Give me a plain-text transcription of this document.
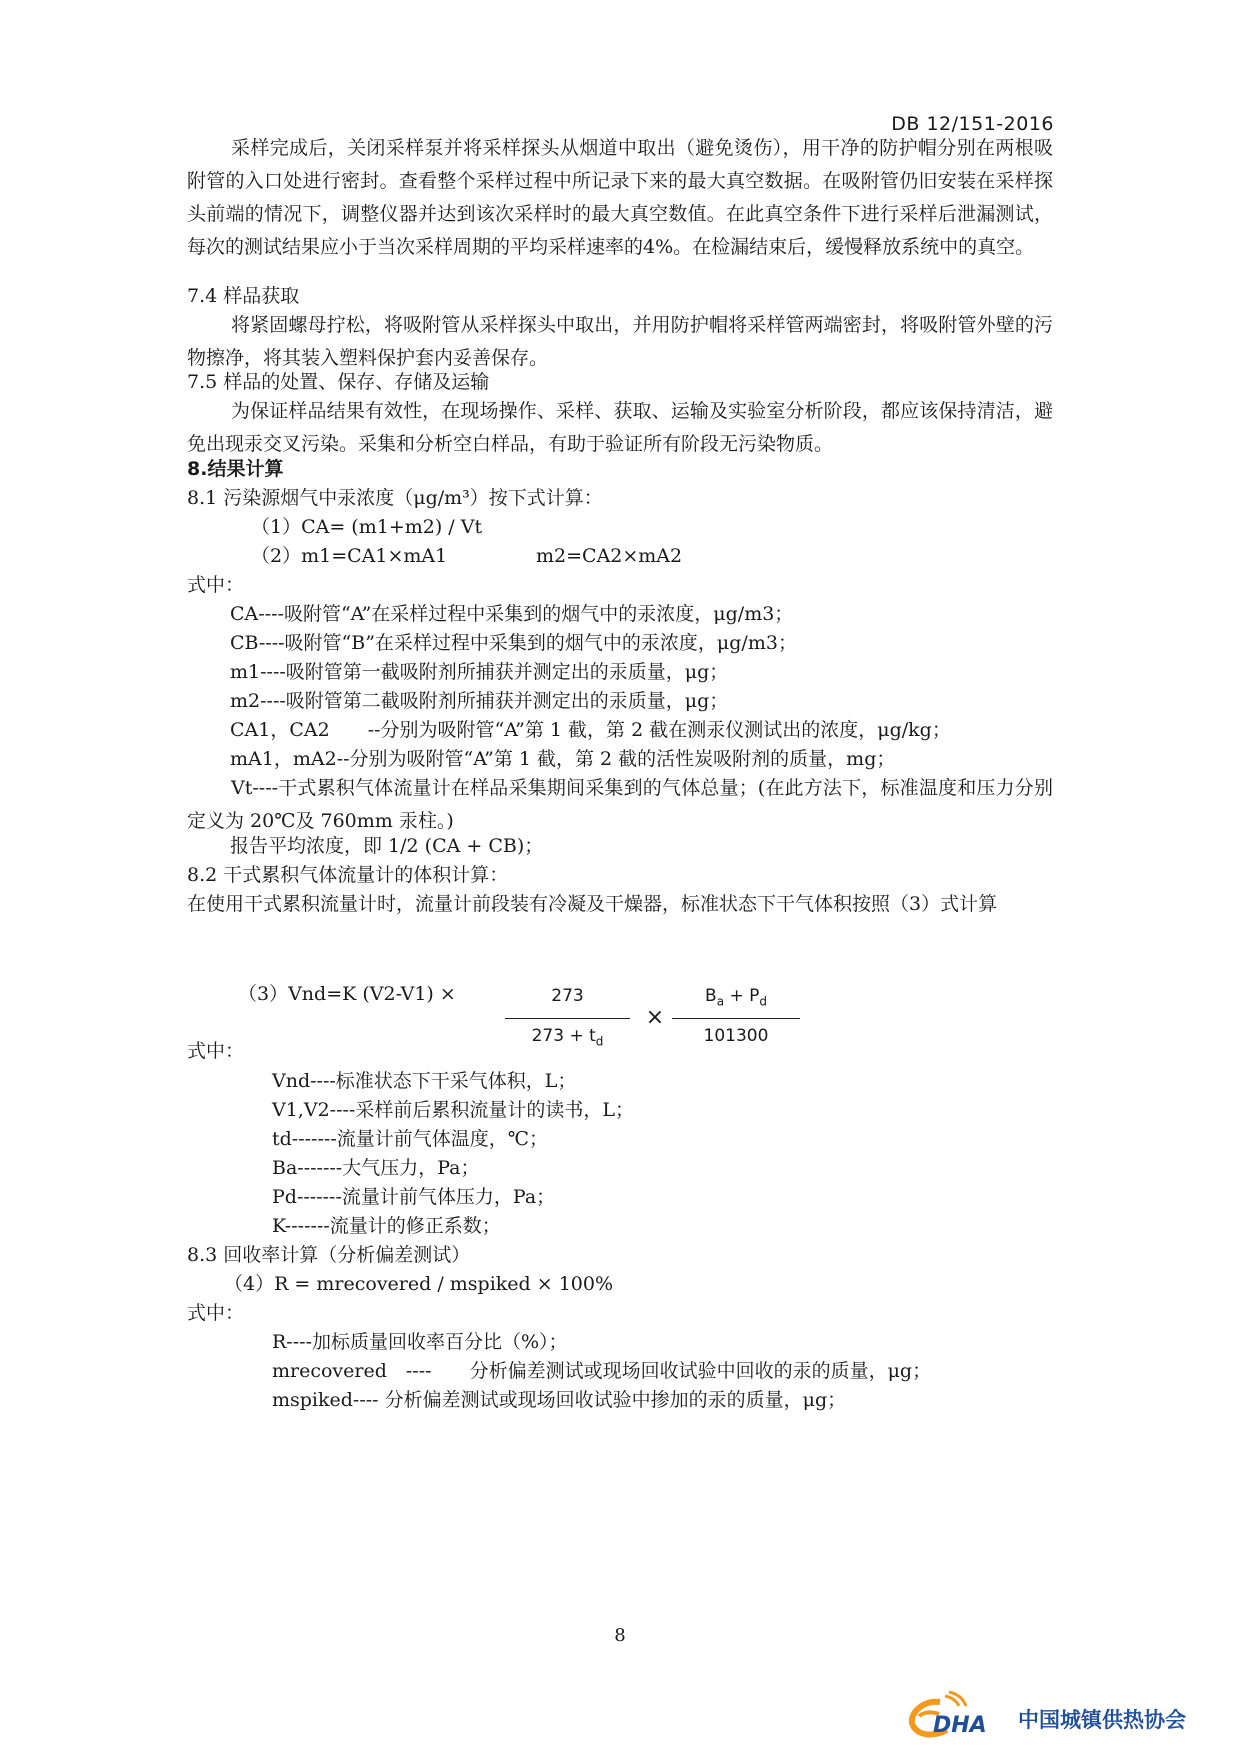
DB 12/151-2016
采样完成后，关闭采样泵并将采样探头从烟道中取出（避免烫伤），用干净的防护帽分别在两根吸附管的入口处进行密封。查看整个采样过程中所记录下来的最大真空数据。在吸附管仍旧安装在采样探头前端的情况下，调整仪器并达到该次采样时的最大真空数值。在此真空条件下进行采样后泄漏测试，每次的测试结果应小于当次采样周期的平均采样速率的4%。在检漏结束后，缓慢释放系统中的真空。
7.4 样品获取
将紧固螺母拧松，将吸附管从采样探头中取出，并用防护帽将采样管两端密封，将吸附管外壁的污物擦净，将其装入塑料保护套内妥善保存。
7.5 样品的处置、保存、存储及运输
为保证样品结果有效性，在现场操作、采样、获取、运输及实验室分析阶段，都应该保持清洁，避免出现汞交叉污染。采集和分析空白样品，有助于验证所有阶段无污染物质。
8.结果计算
8.1 污染源烟气中汞浓度（μg/m³）按下式计算：
（1）CA= (m1+m2) / Vt
（2）m1=CA1×mA1	m2=CA2×mA2
式中：
CA----吸附管“A”在采样过程中采集到的烟气中的汞浓度，μg/m3；
CB----吸附管“B”在采样过程中采集到的烟气中的汞浓度，μg/m3；
m1----吸附管第一截吸附剂所捕获并测定出的汞质量，μg；
m2----吸附管第二截吸附剂所捕获并测定出的汞质量，μg；
CA1，CA2　　--分别为吸附管“A”第 1 截，第 2 截在测汞仪测试出的浓度，μg/kg；
mA1，mA2--分别为吸附管“A”第 1 截，第 2 截的活性炭吸附剂的质量，mg；
Vt----干式累积气体流量计在样品采集期间采集到的气体总量；(在此方法下，标准温度和压力分别定义为 20℃及 760mm 汞柱。)
报告平均浓度，即 1/2 (CA + CB)；
8.2 干式累积气体流量计的体积计算：
在使用干式累积流量计时，流量计前段装有冷凝及干燥器，标准状态下干气体积按照（3）式计算
（3）Vnd=K (V2-V1) ×	273
$273 + t_d$
×
$B_a + P_d$
101300
式中：
Vnd----标准状态下干采气体积，L；
V1,V2----采样前后累积流量计的读书，L；
td-------流量计前气体温度，℃；
Ba-------大气压力，Pa；
Pd-------流量计前气体压力，Pa；
K-------流量计的修正系数；
8.3 回收率计算（分析偏差测试）
（4）R = mrecovered / mspiked × 100%
式中：
R----加标质量回收率百分比（%）；
mrecovered　----　　分析偏差测试或现场回收试验中回收的汞的质量，μg；
mspiked---- 分析偏差测试或现场回收试验中掺加的汞的质量，μg；
8
DHA 中国城镇供热协会
